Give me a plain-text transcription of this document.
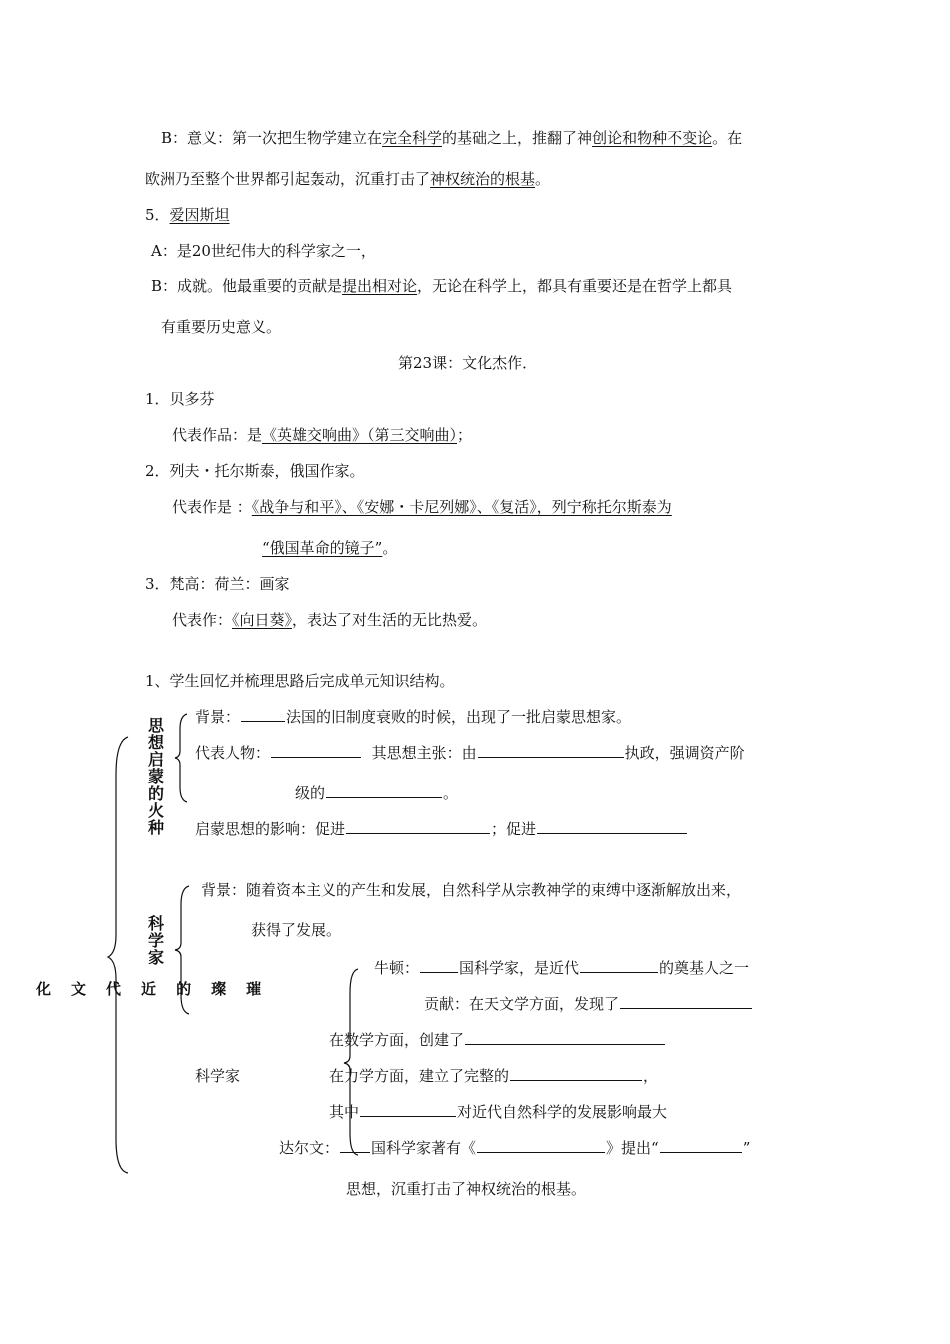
B：意义：第一次把生物学建立在完全科学的基础之上，推翻了神创论和物种不变论。在
欧洲乃至整个世界都引起轰动，沉重打击了神权统治的根基。
5．爱因斯坦
A：是20世纪伟大的科学家之一，
B：成就。他最重要的贡献是提出相对论，无论在科学上，都具有重要还是在哲学上都具
有重要历史意义。
第23课：文化杰作．
1．贝多芬
代表作品：是《英雄交响曲》（第三交响曲）；
2．列夫・托尔斯泰，俄国作家。
代表作是 ：《战争与和平》、《安娜・卡尼列娜》、《复活》，列宁称托尔斯泰为
“俄国革命的镜子”。
3．梵高：荷兰：画家
代表作：《向日葵》，表达了对生活的无比热爱。
1、学生回忆并梳理思路后完成单元知识结构。
思想启蒙的火种
科学家
化 文 代 近 的 璨 璀
背景：	法国的旧制度衰败的时候，出现了一批启蒙思想家。
代表人物：	其思想主张：由	执政，强调资产阶
级的	。
启蒙思想的影响：促进	；促进
背景：随着资本主义的产生和发展，自然科学从宗教神学的束缚中逐渐解放出来，
获得了发展。
牛顿：	国科学家，是近代	的奠基人之一
贡献：在天文学方面，发现了
在数学方面，创建了
科学家	在力学方面，建立了完整的	，
其中	对近代自然科学的发展影响最大
达尔文： 国科学家著有《	》提出“	”
思想，沉重打击了神权统治的根基。
